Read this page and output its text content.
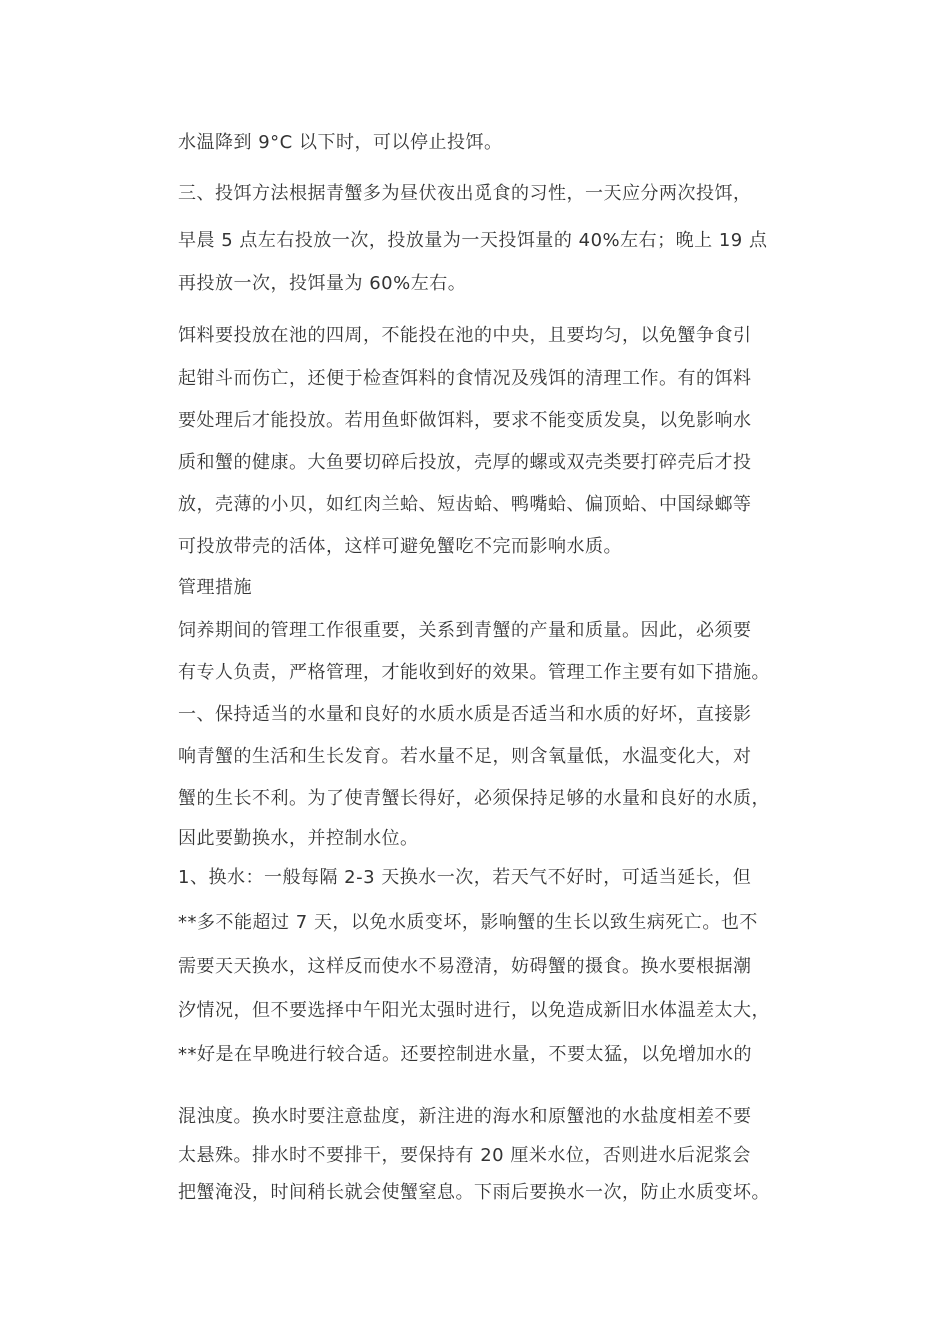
水温降到 9°C 以下时，可以停止投饵。
三、投饵方法根据青蟹多为昼伏夜出觅食的习性，一天应分两次投饵，
早晨 5 点左右投放一次，投放量为一天投饵量的 40%左右；晚上 19 点
再投放一次，投饵量为 60%左右。
饵料要投放在池的四周，不能投在池的中央，且要均匀，以免蟹争食引
起钳斗而伤亡，还便于检查饵料的食情况及残饵的清理工作。有的饵料
要处理后才能投放。若用鱼虾做饵料，要求不能变质发臭，以免影响水
质和蟹的健康。大鱼要切碎后投放，壳厚的螺或双壳类要打碎壳后才投
放，壳薄的小贝，如红肉兰蛤、短齿蛤、鸭嘴蛤、偏顶蛤、中国绿螂等
可投放带壳的活体，这样可避免蟹吃不完而影响水质。
管理措施
饲养期间的管理工作很重要，关系到青蟹的产量和质量。因此，必须要
有专人负责，严格管理，才能收到好的效果。管理工作主要有如下措施。
一、保持适当的水量和良好的水质水质是否适当和水质的好坏，直接影
响青蟹的生活和生长发育。若水量不足，则含氧量低，水温变化大，对
蟹的生长不利。为了使青蟹长得好，必须保持足够的水量和良好的水质，
因此要勤换水，并控制水位。
1、换水：一般每隔 2-3 天换水一次，若天气不好时，可适当延长，但
**多不能超过 7 天，以免水质变坏，影响蟹的生长以致生病死亡。也不
需要天天换水，这样反而使水不易澄清，妨碍蟹的摄食。换水要根据潮
汐情况，但不要选择中午阳光太强时进行，以免造成新旧水体温差太大，
**好是在早晚进行较合适。还要控制进水量，不要太猛，以免增加水的
混浊度。换水时要注意盐度，新注进的海水和原蟹池的水盐度相差不要
太悬殊。排水时不要排干，要保持有 20 厘米水位，否则进水后泥浆会
把蟹淹没，时间稍长就会使蟹窒息。下雨后要换水一次，防止水质变坏。
